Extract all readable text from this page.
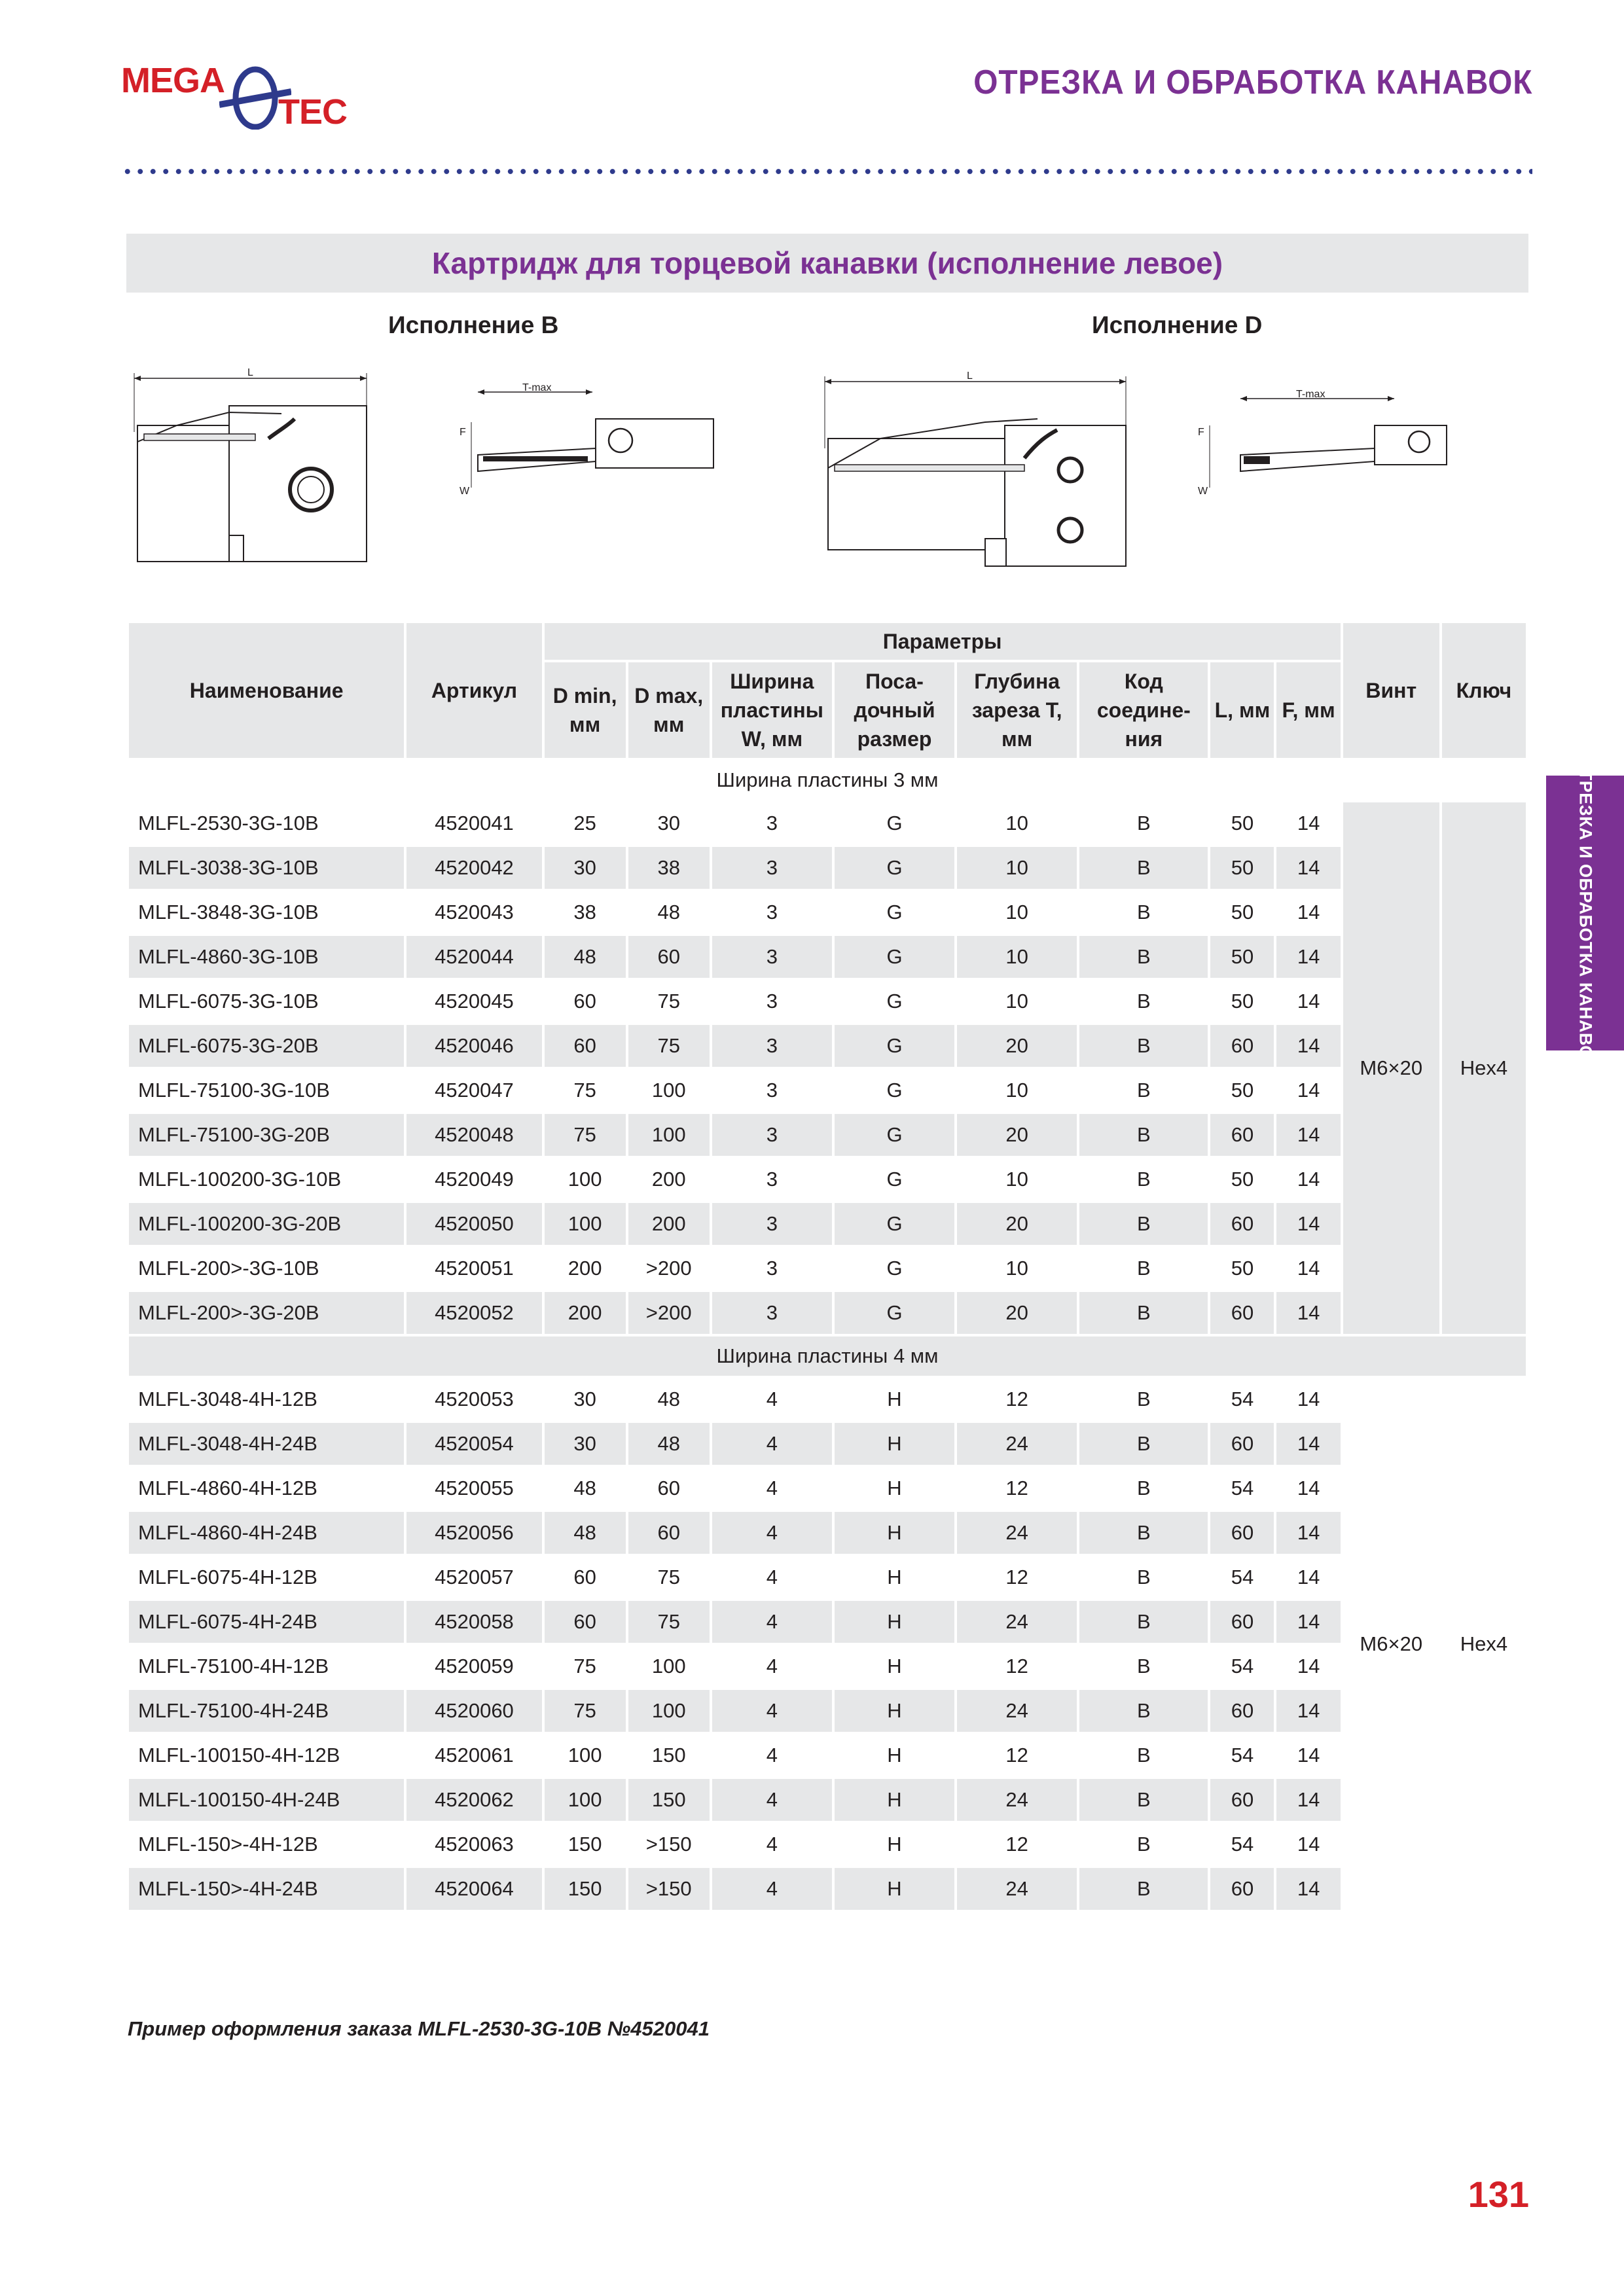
MEGA
TEC
ОТРЕЗКА И ОБРАБОТКА КАНАВОК
Картридж для торцевой канавки (исполнение левое)
Исполнение B	Исполнение D
L
T-max
F
W
L
T-max
F
W
ОТРЕЗКА И ОБРАБОТКА КАНАВОК
Наименование	Артикул	Параметры								Винт	Ключ
		D min, мм	D max, мм	Ширина пластины W, мм	Поса-дочный размер	Глубина зареза T, мм	Код соедине-ния	L, мм	F, мм		
Ширина пластины 3 мм											
MLFL-2530-3G-10B	4520041	25	30	3	G	10	B	50	14	M6×20	Hex4
MLFL-3038-3G-10B	4520042	30	38	3	G	10	B	50	14		
MLFL-3848-3G-10B	4520043	38	48	3	G	10	B	50	14		
MLFL-4860-3G-10B	4520044	48	60	3	G	10	B	50	14		
MLFL-6075-3G-10B	4520045	60	75	3	G	10	B	50	14		
MLFL-6075-3G-20B	4520046	60	75	3	G	20	B	60	14		
MLFL-75100-3G-10B	4520047	75	100	3	G	10	B	50	14		
MLFL-75100-3G-20B	4520048	75	100	3	G	20	B	60	14		
MLFL-100200-3G-10B	4520049	100	200	3	G	10	B	50	14		
MLFL-100200-3G-20B	4520050	100	200	3	G	20	B	60	14		
MLFL-200>-3G-10B	4520051	200	>200	3	G	10	B	50	14		
MLFL-200>-3G-20B	4520052	200	>200	3	G	20	B	60	14		
Ширина пластины 4 мм											
MLFL-3048-4H-12B	4520053	30	48	4	H	12	B	54	14	M6×20	Hex4
MLFL-3048-4H-24B	4520054	30	48	4	H	24	B	60	14		
MLFL-4860-4H-12B	4520055	48	60	4	H	12	B	54	14		
MLFL-4860-4H-24B	4520056	48	60	4	H	24	B	60	14		
MLFL-6075-4H-12B	4520057	60	75	4	H	12	B	54	14		
MLFL-6075-4H-24B	4520058	60	75	4	H	24	B	60	14		
MLFL-75100-4H-12B	4520059	75	100	4	H	12	B	54	14		
MLFL-75100-4H-24B	4520060	75	100	4	H	24	B	60	14		
MLFL-100150-4H-12B	4520061	100	150	4	H	12	B	54	14		
MLFL-100150-4H-24B	4520062	100	150	4	H	24	B	60	14		
MLFL-150>-4H-12B	4520063	150	>150	4	H	12	B	54	14		
MLFL-150>-4H-24B	4520064	150	>150	4	H	24	B	60	14		
Пример оформления заказа MLFL-2530-3G-10B №4520041
131
